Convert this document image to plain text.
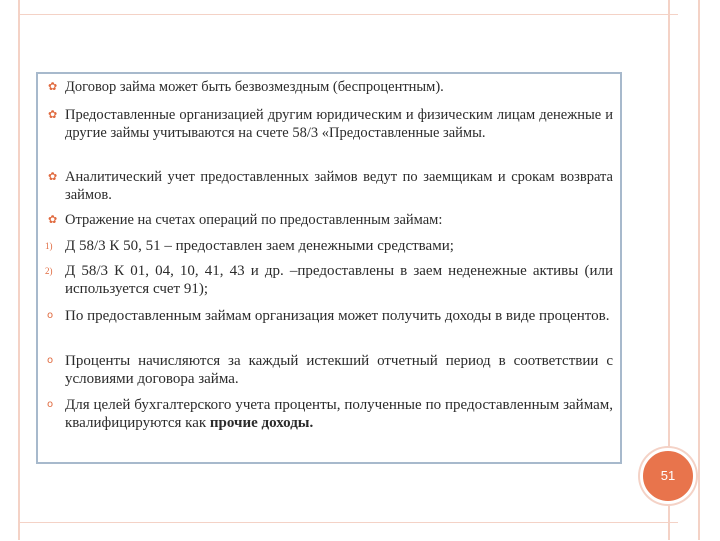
✿ Договор займа может быть безвозмездным (беспроцентным).
✿ Предоставленные организацией другим юридическим и физическим лицам денежные и другие займы учитываются на счете 58/3 «Предоставленные займы.
✿ Аналитический учет предоставленных займов ведут по заемщикам и срокам возврата займов.
✿ Отражение на счетах операций по предоставленным займам:
1) Д 58/3 К 50, 51 – предоставлен заем денежными средствами;
2) Д 58/3 К 01, 04, 10, 41, 43 и др. –предоставлены в заем неденежные активы (или используется счет 91);
o По предоставленным займам организация может получить доходы в виде процентов.
o Проценты начисляются за каждый истекший отчетный период в соответствии с условиями договора займа.
o Для целей бухгалтерского учета проценты, полученные по предоставленным займам, квалифицируются как прочие доходы.
51
